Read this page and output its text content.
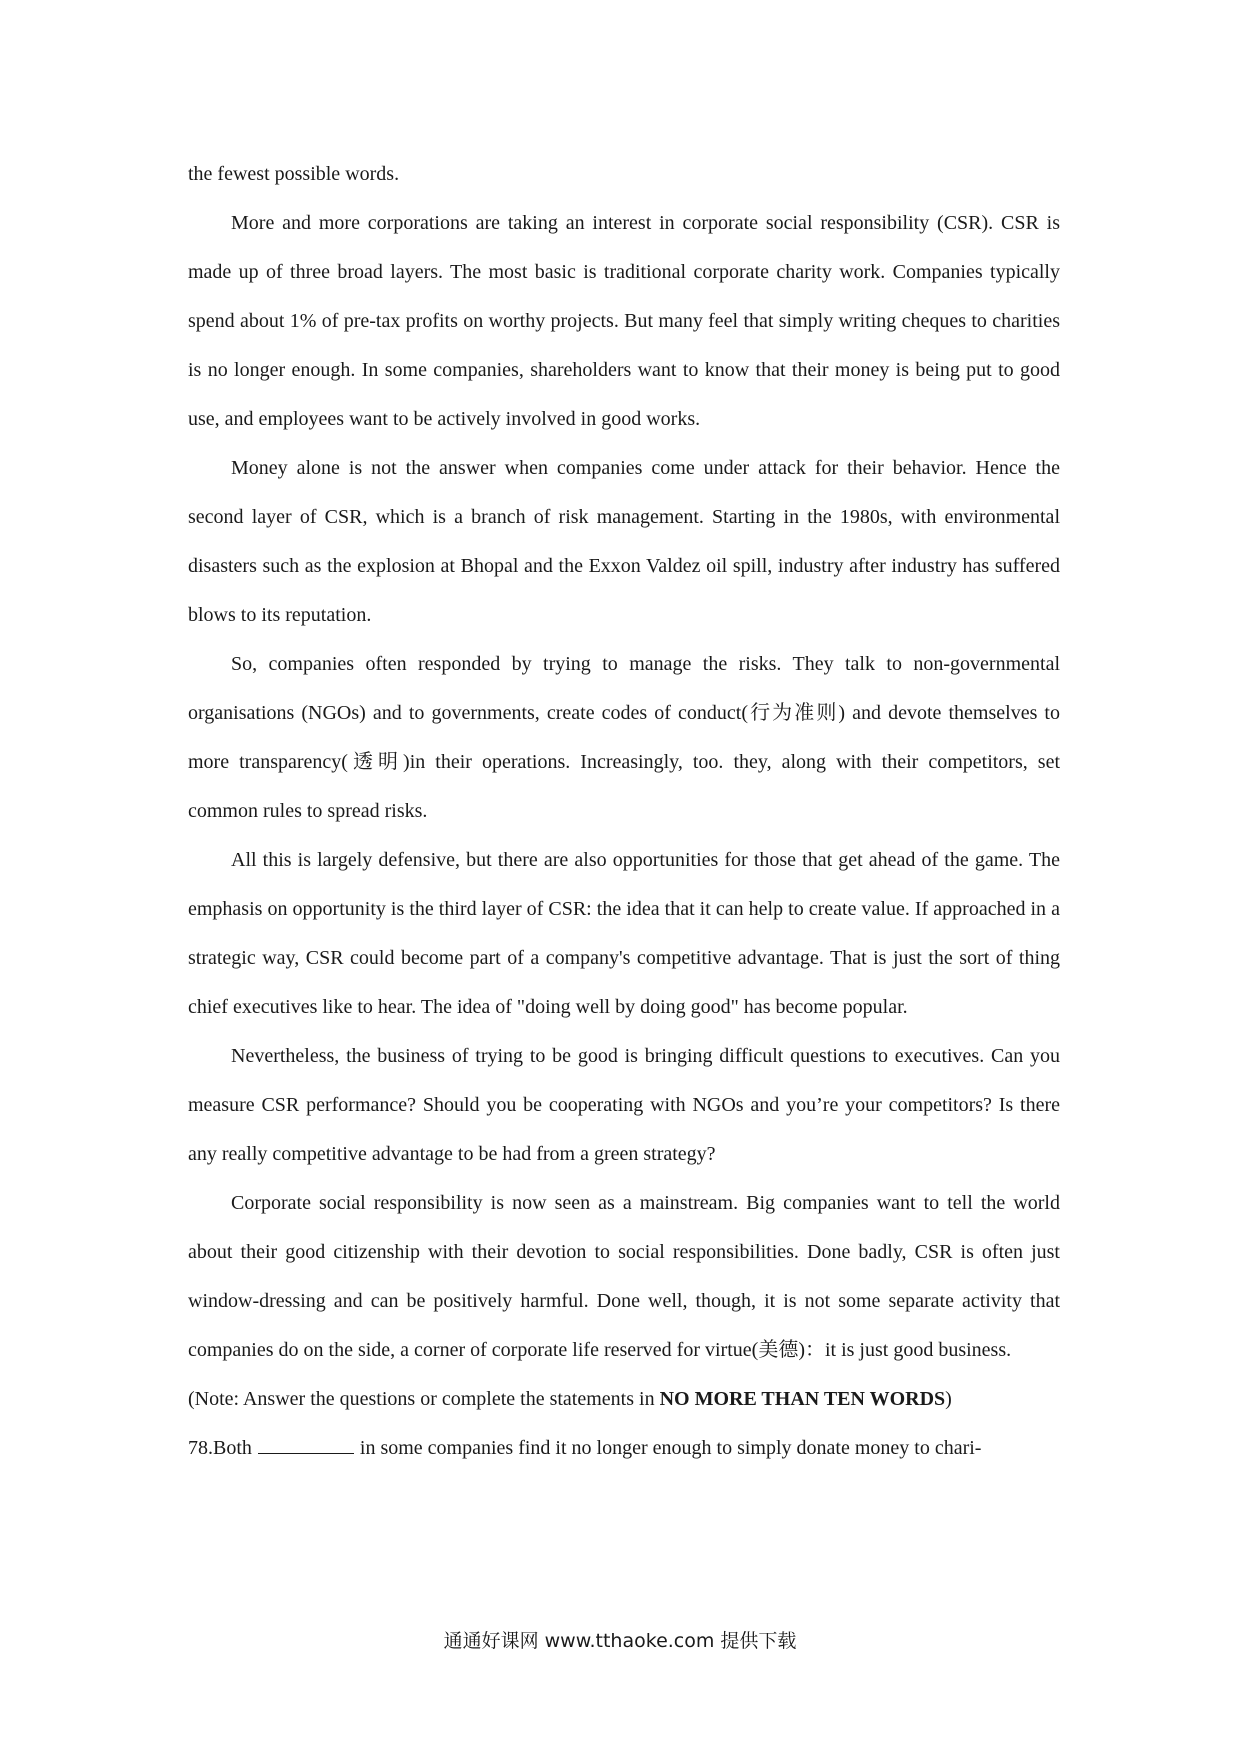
the fewest possible words.

More and more corporations are taking an interest in corporate social responsibility (CSR). CSR is made up of three broad layers. The most basic is traditional corporate charity work. Companies typically spend about 1% of pre-tax profits on worthy projects. But many feel that simply writing cheques to charities is no longer enough. In some companies, shareholders want to know that their money is being put to good use, and employees want to be actively involved in good works.

Money alone is not the answer when companies come under attack for their behavior. Hence the second layer of CSR, which is a branch of risk management. Starting in the 1980s, with environmental disasters such as the explosion at Bhopal and the Exxon Valdez oil spill, industry after industry has suffered blows to its reputation.

So, companies often responded by trying to manage the risks. They talk to non-governmental organisations (NGOs) and to governments, create codes of conduct(行为准则) and devote themselves to more transparency(透明)in their operations. Increasingly, too. they, along with their competitors, set common rules to spread risks.

All this is largely defensive, but there are also opportunities for those that get ahead of the game. The emphasis on opportunity is the third layer of CSR: the idea that it can help to create value. If approached in a strategic way, CSR could become part of a company's competitive advantage. That is just the sort of thing chief executives like to hear. The idea of "doing well by doing good" has become popular.

Nevertheless, the business of trying to be good is bringing difficult questions to executives. Can you measure CSR performance? Should you be cooperating with NGOs and you’re your competitors? Is there any really competitive advantage to be had from a green strategy?

Corporate social responsibility is now seen as a mainstream. Big companies want to tell the world about their good citizenship with their devotion to social responsibilities. Done badly, CSR is often just window-dressing and can be positively harmful. Done well, though, it is not some separate activity that companies do on the side, a corner of corporate life reserved for virtue(美德)：it is just good business.

(Note: Answer the questions or complete the statements in NO MORE THAN TEN WORDS)

78.Both	in some companies find it no longer enough to simply donate money to chari-

通通好课网 www.tthaoke.com 提供下载
